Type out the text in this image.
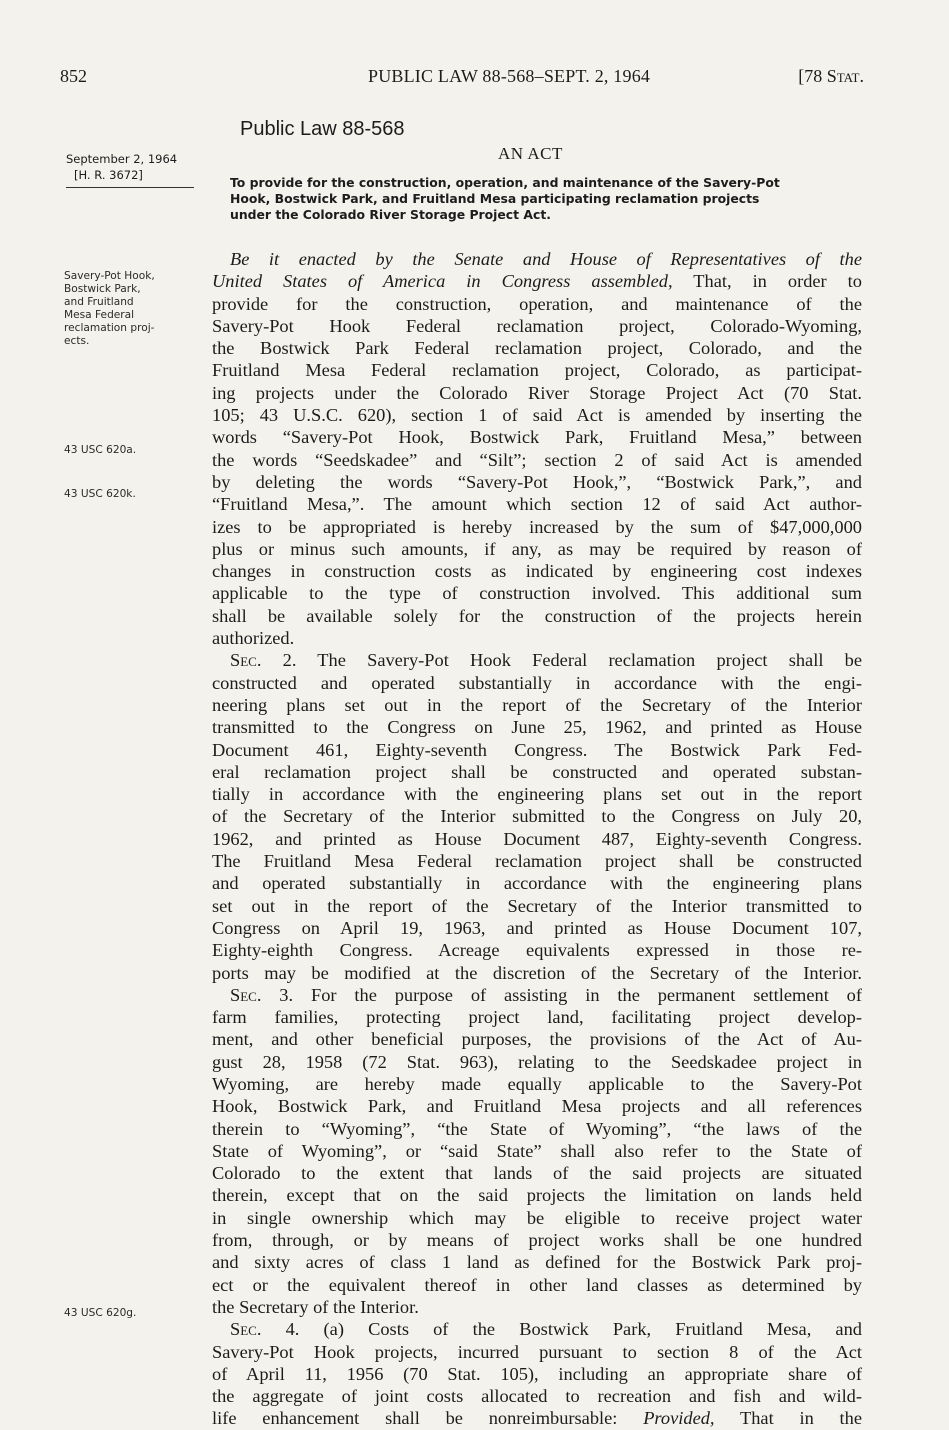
852	PUBLIC LAW 88-568–SEPT. 2, 1964	[78 Stat.
Public Law 88-568
AN ACT
September 2, 1964
[H. R. 3672]	To provide for the construction, operation, and maintenance of the Savery-Pot
Hook, Bostwick Park, and Fruitland Mesa participating reclamation projects
under the Colorado River Storage Project Act.
Savery-Pot Hook,
Bostwick Park,
and Fruitland
Mesa Federal
reclamation proj-
ects.
43 USC 620a.
43 USC 620k.
43 USC 620g.
Be it enacted by the Senate and House of Representatives of the
United States of America in Congress assembled, That, in order to
provide for the construction, operation, and maintenance of the
Savery-Pot Hook Federal reclamation project, Colorado-Wyoming,
the Bostwick Park Federal reclamation project, Colorado, and the
Fruitland Mesa Federal reclamation project, Colorado, as participat-
ing projects under the Colorado River Storage Project Act (70 Stat.
105; 43 U.S.C. 620), section 1 of said Act is amended by inserting the
words “Savery-Pot Hook, Bostwick Park, Fruitland Mesa,” between
the words “Seedskadee” and “Silt”; section 2 of said Act is amended
by deleting the words “Savery-Pot Hook,”, “Bostwick Park,”, and
“Fruitland Mesa,”. The amount which section 12 of said Act author-
izes to be appropriated is hereby increased by the sum of $47,000,000
plus or minus such amounts, if any, as may be required by reason of
changes in construction costs as indicated by engineering cost indexes
applicable to the type of construction involved. This additional sum
shall be available solely for the construction of the projects herein
authorized.
Sec. 2. The Savery-Pot Hook Federal reclamation project shall be
constructed and operated substantially in accordance with the engi-
neering plans set out in the report of the Secretary of the Interior
transmitted to the Congress on June 25, 1962, and printed as House
Document 461, Eighty-seventh Congress. The Bostwick Park Fed-
eral reclamation project shall be constructed and operated substan-
tially in accordance with the engineering plans set out in the report
of the Secretary of the Interior submitted to the Congress on July 20,
1962, and printed as House Document 487, Eighty-seventh Congress.
The Fruitland Mesa Federal reclamation project shall be constructed
and operated substantially in accordance with the engineering plans
set out in the report of the Secretary of the Interior transmitted to
Congress on April 19, 1963, and printed as House Document 107,
Eighty-eighth Congress. Acreage equivalents expressed in those re-
ports may be modified at the discretion of the Secretary of the Interior.
Sec. 3. For the purpose of assisting in the permanent settlement of
farm families, protecting project land, facilitating project develop-
ment, and other beneficial purposes, the provisions of the Act of Au-
gust 28, 1958 (72 Stat. 963), relating to the Seedskadee project in
Wyoming, are hereby made equally applicable to the Savery-Pot
Hook, Bostwick Park, and Fruitland Mesa projects and all references
therein to “Wyoming”, “the State of Wyoming”, “the laws of the
State of Wyoming”, or “said State” shall also refer to the State of
Colorado to the extent that lands of the said projects are situated
therein, except that on the said projects the limitation on lands held
in single ownership which may be eligible to receive project water
from, through, or by means of project works shall be one hundred
and sixty acres of class 1 land as defined for the Bostwick Park proj-
ect or the equivalent thereof in other land classes as determined by
the Secretary of the Interior.
Sec. 4. (a) Costs of the Bostwick Park, Fruitland Mesa, and
Savery-Pot Hook projects, incurred pursuant to section 8 of the Act
of April 11, 1956 (70 Stat. 105), including an appropriate share of
the aggregate of joint costs allocated to recreation and fish and wild-
life enhancement shall be nonreimbursable: Provided, That in the
